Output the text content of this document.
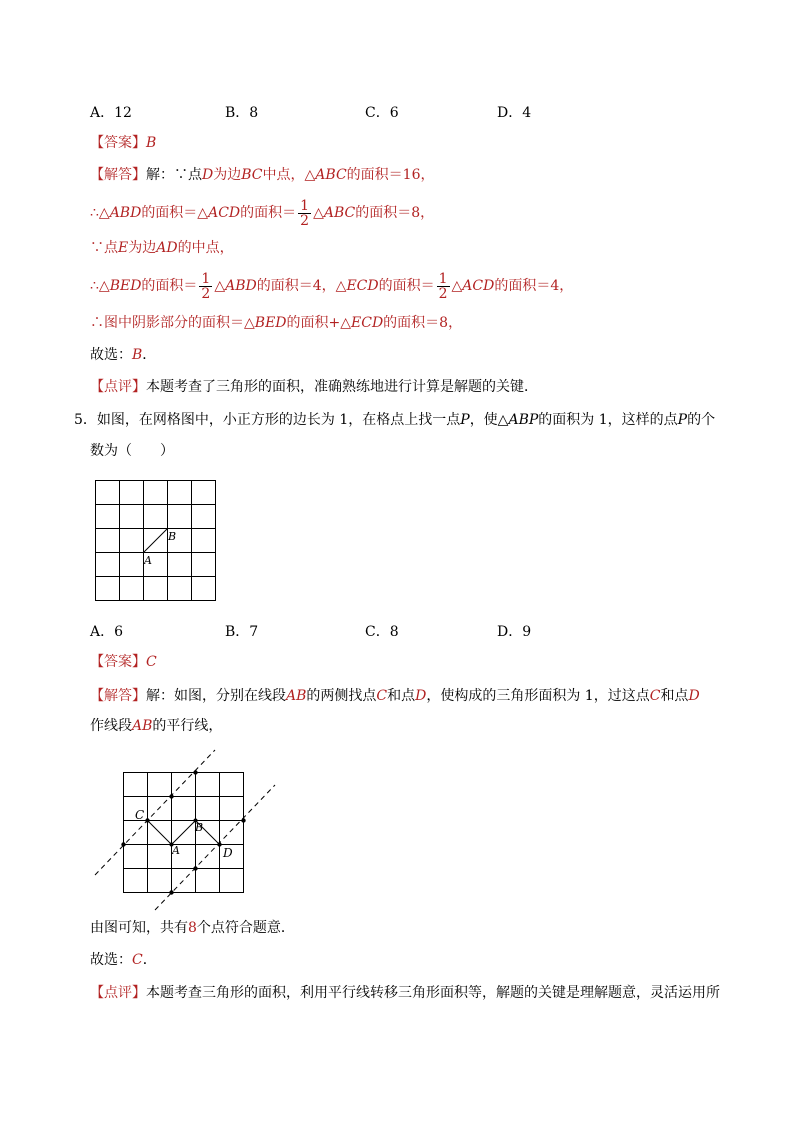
A．12	B．8	C．6	D．4
【答案】B
【解答】解：∵点D为边BC中点，△ABC的面积＝16，
∴△ABD的面积＝△ACD的面积＝ $\frac{1}{2}$ △ABC的面积＝8，
∵点E为边AD的中点，
∴△BED的面积＝ $\frac{1}{2}$ △ABD的面积＝4，△ECD的面积＝ $\frac{1}{2}$ △ACD的面积＝4，
∴图中阴影部分的面积＝△BED的面积+△ECD的面积＝8，
故选：B．
【点评】本题考查了三角形的面积，准确熟练地进行计算是解题的关键．
5．如图，在网格图中，小正方形的边长为 1，在格点上找一点P，使△ABP的面积为 1，这样的点P的个
数为（　　）
A
B
A．6	B．7	C．8	D．9
【答案】C
【解答】解：如图，分别在线段AB的两侧找点C和点D，使构成的三角形面积为 1，过这点C和点D
作线段AB的平行线，
C
A
B
D
由图可知，共有8个点符合题意．
故选：C．
【点评】本题考查三角形的面积，利用平行线转移三角形面积等，解题的关键是理解题意，灵活运用所
